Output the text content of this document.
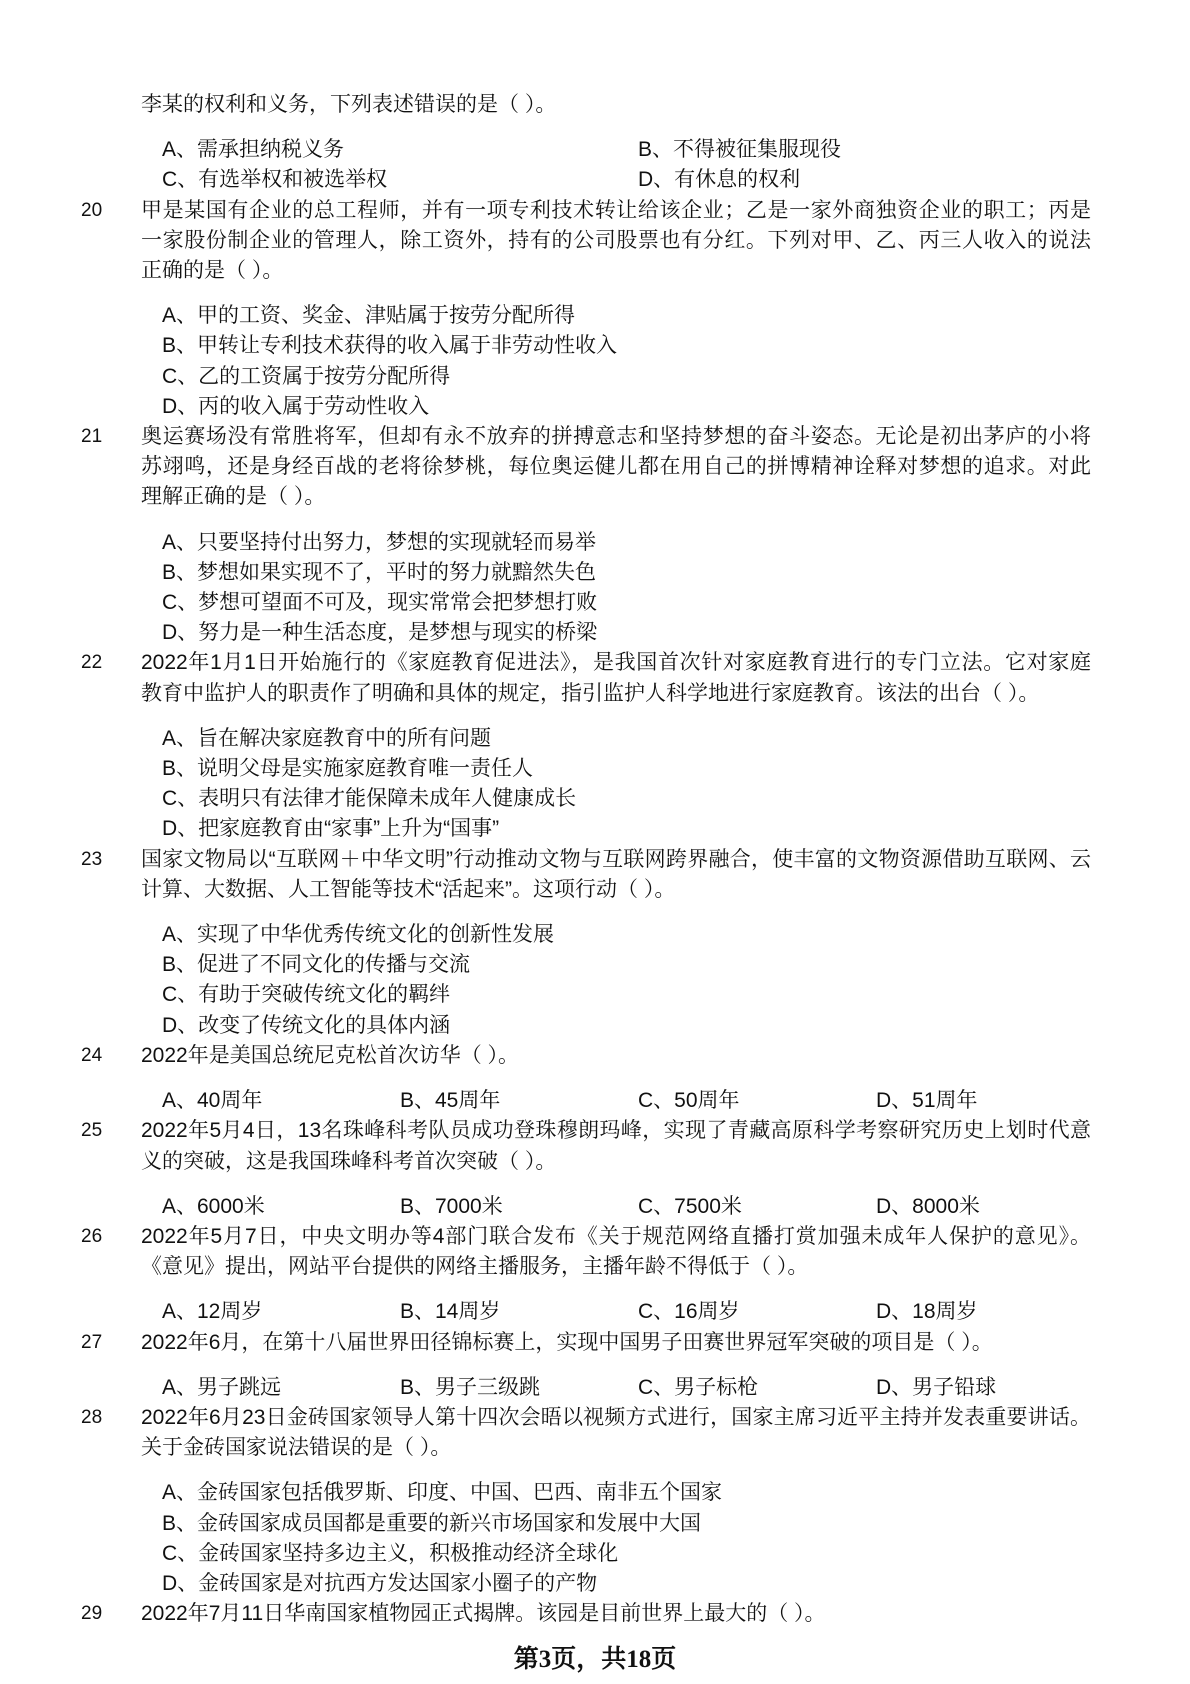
李某的权利和义务，下列表述错误的是（ ）。
A、需承担纳税义务	B、不得被征集服现役
C、有选举权和被选举权	D、有休息的权利
20	甲是某国有企业的总工程师，并有一项专利技术转让给该企业；乙是一家外商独资企业的职工；丙是
一家股份制企业的管理人，除工资外，持有的公司股票也有分红。下列对甲、乙、丙三人收入的说法
正确的是（ ）。
A、甲的工资、奖金、津贴属于按劳分配所得
B、甲转让专利技术获得的收入属于非劳动性收入
C、乙的工资属于按劳分配所得
D、丙的收入属于劳动性收入
21	奥运赛场没有常胜将军，但却有永不放弃的拼搏意志和坚持梦想的奋斗姿态。无论是初出茅庐的小将
苏翊鸣，还是身经百战的老将徐梦桃，每位奥运健儿都在用自己的拼博精神诠释对梦想的追求。对此
理解正确的是（ ）。
A、只要坚持付出努力，梦想的实现就轻而易举
B、梦想如果实现不了，平时的努力就黯然失色
C、梦想可望面不可及，现实常常会把梦想打败
D、努力是一种生活态度，是梦想与现实的桥梁
22	2022年1月1日开始施行的《家庭教育促进法》，是我国首次针对家庭教育进行的专门立法。它对家庭
教育中监护人的职责作了明确和具体的规定，指引监护人科学地进行家庭教育。该法的出台（ ）。
A、旨在解决家庭教育中的所有问题
B、说明父母是实施家庭教育唯一责任人
C、表明只有法律才能保障未成年人健康成长
D、把家庭教育由“家事”上升为“国事”
23	国家文物局以“互联网＋中华文明”行动推动文物与互联网跨界融合，使丰富的文物资源借助互联网、云
计算、大数据、人工智能等技术“活起来”。这项行动（ ）。
A、实现了中华优秀传统文化的创新性发展
B、促进了不同文化的传播与交流
C、有助于突破传统文化的羁绊
D、改变了传统文化的具体内涵
24	2022年是美国总统尼克松首次访华（ ）。
A、40周年	B、45周年	C、50周年	D、51周年
25	2022年5月4日，13名珠峰科考队员成功登珠穆朗玛峰，实现了青藏高原科学考察研究历史上划时代意
义的突破，这是我国珠峰科考首次突破（ ）。
A、6000米	B、7000米	C、7500米	D、8000米
26	2022年5月7日，中央文明办等4部门联合发布《关于规范网络直播打赏加强未成年人保护的意见》。
《意见》提出，网站平台提供的网络主播服务，主播年龄不得低于（ ）。
A、12周岁	B、14周岁	C、16周岁	D、18周岁
27	2022年6月，在第十八届世界田径锦标赛上，实现中国男子田赛世界冠军突破的项目是（ ）。
A、男子跳远	B、男子三级跳	C、男子标枪	D、男子铅球
28	2022年6月23日金砖国家领导人第十四次会晤以视频方式进行，国家主席习近平主持并发表重要讲话。
关于金砖国家说法错误的是（ ）。
A、金砖国家包括俄罗斯、印度、中国、巴西、南非五个国家
B、金砖国家成员国都是重要的新兴市场国家和发展中大国
C、金砖国家坚持多边主义，积极推动经济全球化
D、金砖国家是对抗西方发达国家小圈子的产物
29	2022年7月11日华南国家植物园正式揭牌。该园是目前世界上最大的（ ）。
第3页，共18页
